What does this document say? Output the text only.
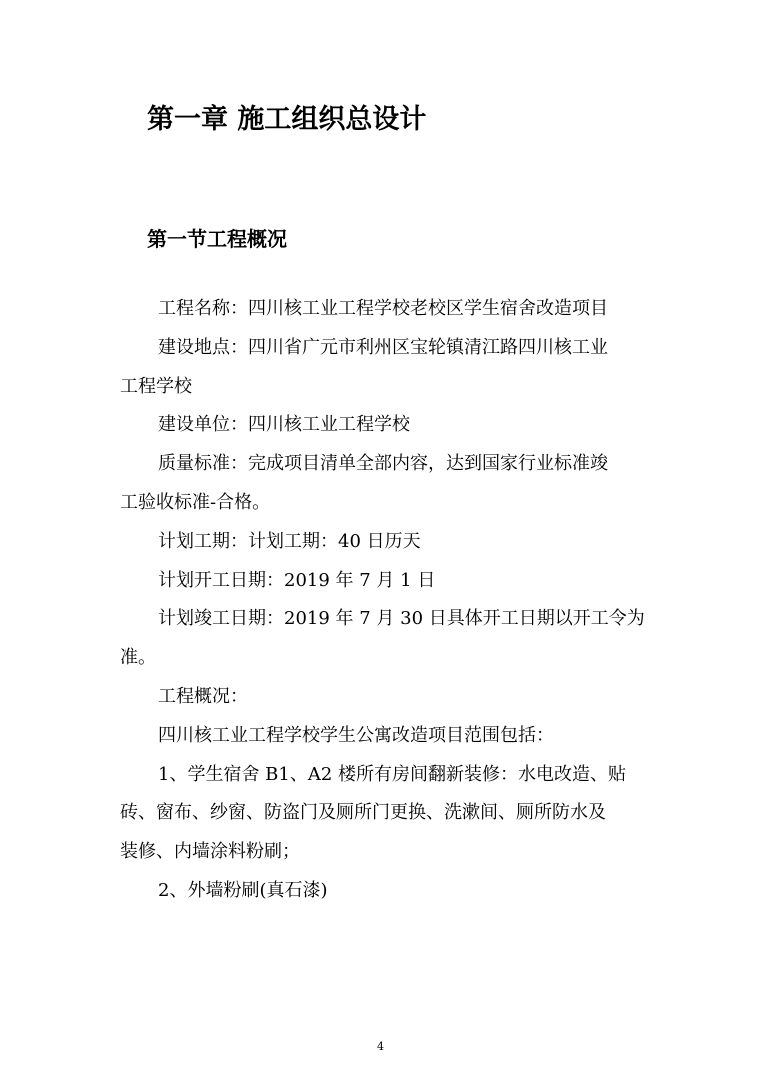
第一章 施工组织总设计
第一节工程概况

工程名称：四川核工业工程学校老校区学生宿舍改造项目

建设地点：四川省广元市利州区宝轮镇清江路四川核工业
工程学校

建设单位：四川核工业工程学校

质量标准：完成项目清单全部内容，达到国家行业标准竣
工验收标准-合格。

计划工期：计划工期：40 日历天

计划开工日期：2019 年 7 月 1 日

计划竣工日期：2019 年 7 月 30 日具体开工日期以开工令为
准。

工程概况：

四川核工业工程学校学生公寓改造项目范围包括：

1、学生宿舍 B1、A2 楼所有房间翻新装修：水电改造、贴
砖、窗布、纱窗、防盗门及厕所门更换、洗漱间、厕所防水及
装修、内墙涂料粉刷；

2、外墙粉刷(真石漆)

4
